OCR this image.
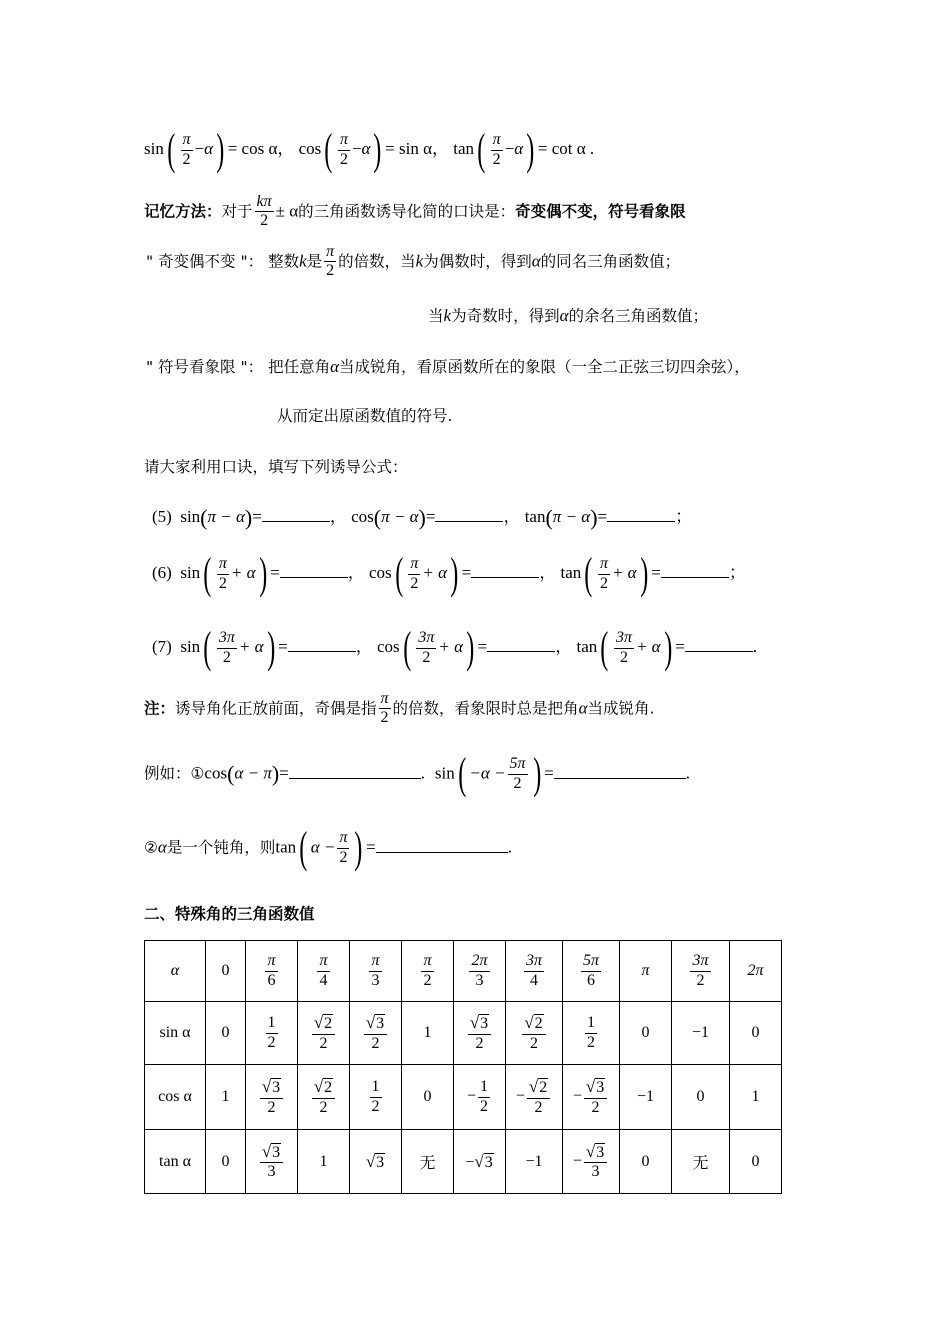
$\sin( \frac{\pi}{2} -\alpha) = \cos \alpha$， $\cos( \frac{\pi}{2} -\alpha) = \sin \alpha$， $\tan( \frac{\pi}{2} -\alpha) = \cot \alpha$ .
记忆方法：对于 $\frac{k\pi}{2} \pm \alpha$的三角函数诱导化简的口诀是：奇变偶不变，符号看象限
" 奇变偶不变 "： 整数k是 $\frac{\pi}{2}$ 的倍数，当k为偶数时，得到α的同名三角函数值；
当k为奇数时，得到α的余名三角函数值；
" 符号看象限 "： 把任意角α当成锐角，看原函数所在的象限（一全二正弦三切四余弦），
从而定出原函数值的符号.
请大家利用口诀，填写下列诱导公式：
(5) sin(π − α)=	， cos(π − α)=	， tan(π − α)=	；
(6) $\sin( \frac{\pi}{2} + \alpha)$ =	， $\cos( \frac{\pi}{2} + \alpha)$ =	， $\tan( \frac{\pi}{2} + \alpha)$ =	；
(7) $\sin( \frac{3\pi}{2} + \alpha)$ =	， $\cos( \frac{3\pi}{2} + \alpha)$ =	， $\tan( \frac{3\pi}{2} + \alpha)$ =	.
注：诱导角化正放前面，奇偶是指 $\frac{\pi}{2}$ 的倍数，看象限时总是把角α当成锐角.
例如：①cos(α − π)=	. $\sin( -\alpha - \frac{5\pi}{2}$ ) =	.
②α是一个钝角，则tan( $\alpha - \frac{\pi}{2}$ ) =	.
二、特殊角的三角函数值
α	0	$\frac{\pi}{6}$	$\frac{\pi}{4}$	$\frac{\pi}{3}$	$\frac{\pi}{2}$	$\frac{2\pi}{3}$	$\frac{3\pi}{4}$	$\frac{5\pi}{6}$	π	$\frac{3\pi}{2}$	2π
sin α	0	$\frac{1}{2}$	$\frac{√2}{2}$	$\frac{√3}{2}$	1	$\frac{√3}{2}$	$\frac{√2}{2}$	$\frac{1}{2}$	0	−1	0
cos α	1	$\frac{√3}{2}$	$\frac{√2}{2}$	$\frac{1}{2}$	0	− $\frac{1}{2}$	− $\frac{√2}{2}$	− $\frac{√3}{2}$	−1	0	1
tan α	0	$\frac{√3}{3}$	1	√3	无	−√3	−1	− $\frac{√3}{3}$	0	无	0
